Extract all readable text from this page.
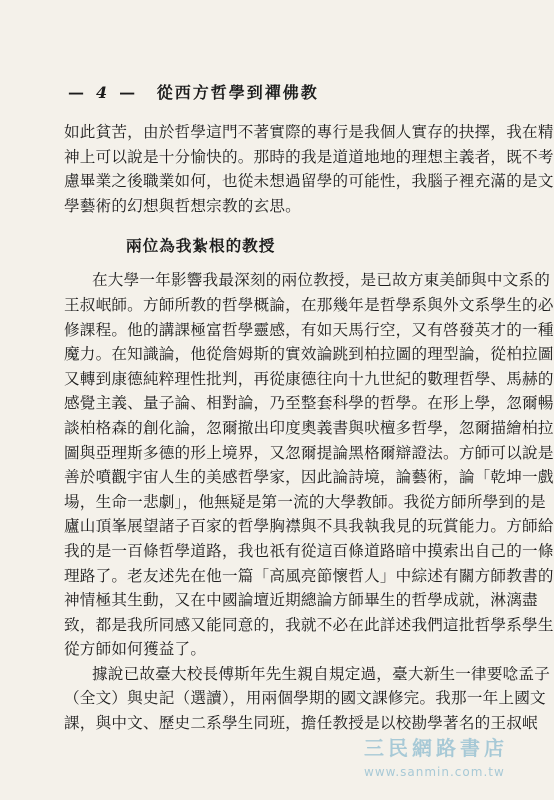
— 4 — 從西方哲學到禪佛教
如此貧苦，由於哲學這門不著實際的專行是我個人實存的抉擇，我在精
神上可以說是十分愉快的。那時的我是道道地地的理想主義者，既不考
慮畢業之後職業如何，也從未想過留學的可能性，我腦子裡充滿的是文
學藝術的幻想與哲想宗教的玄思。
兩位為我紮根的教授
在大學一年影響我最深刻的兩位教授，是已故方東美師與中文系的
王叔岷師。方師所教的哲學概論，在那幾年是哲學系與外文系學生的必
修課程。他的講課極富哲學靈感，有如天馬行空，又有啓發英才的一種
魔力。在知識論，他從詹姆斯的實效論跳到柏拉圖的理型論，從柏拉圖
又轉到康德純粹理性批判，再從康德往向十九世紀的數理哲學、馬赫的
感覺主義、量子論、相對論，乃至整套科學的哲學。在形上學，忽爾暢
談柏格森的創化論，忽爾撤出印度奧義書與吠檀多哲學，忽爾描繪柏拉
圖與亞理斯多德的形上境界，又忽爾提論黑格爾辯證法。方師可以說是
善於噴觀宇宙人生的美感哲學家，因此論詩境，論藝術，論「乾坤一戲
場，生命一悲劇」，他無疑是第一流的大學教師。我從方師所學到的是
廬山頂峯展望諸子百家的哲學胸襟與不具我執我見的玩賞能力。方師給
我的是一百條哲學道路，我也祇有從這百條道路暗中摸索出自己的一條
理路了。老友述先在他一篇「高風亮節懷哲人」中綜述有關方師教書的
神情極其生動，又在中國論壇近期總論方師畢生的哲學成就，淋漓盡
致，都是我所同感又能同意的，我就不必在此詳述我們這批哲學系學生
從方師如何獲益了。
據說已故臺大校長傅斯年先生親自規定過，臺大新生一律要唸孟子
（全文）與史記（選讀），用兩個學期的國文課修完。我那一年上國文
課，與中文、歷史二系學生同班，擔任教授是以校勘學著名的王叔岷
三民網路書店
www.sanmin.com.tw
